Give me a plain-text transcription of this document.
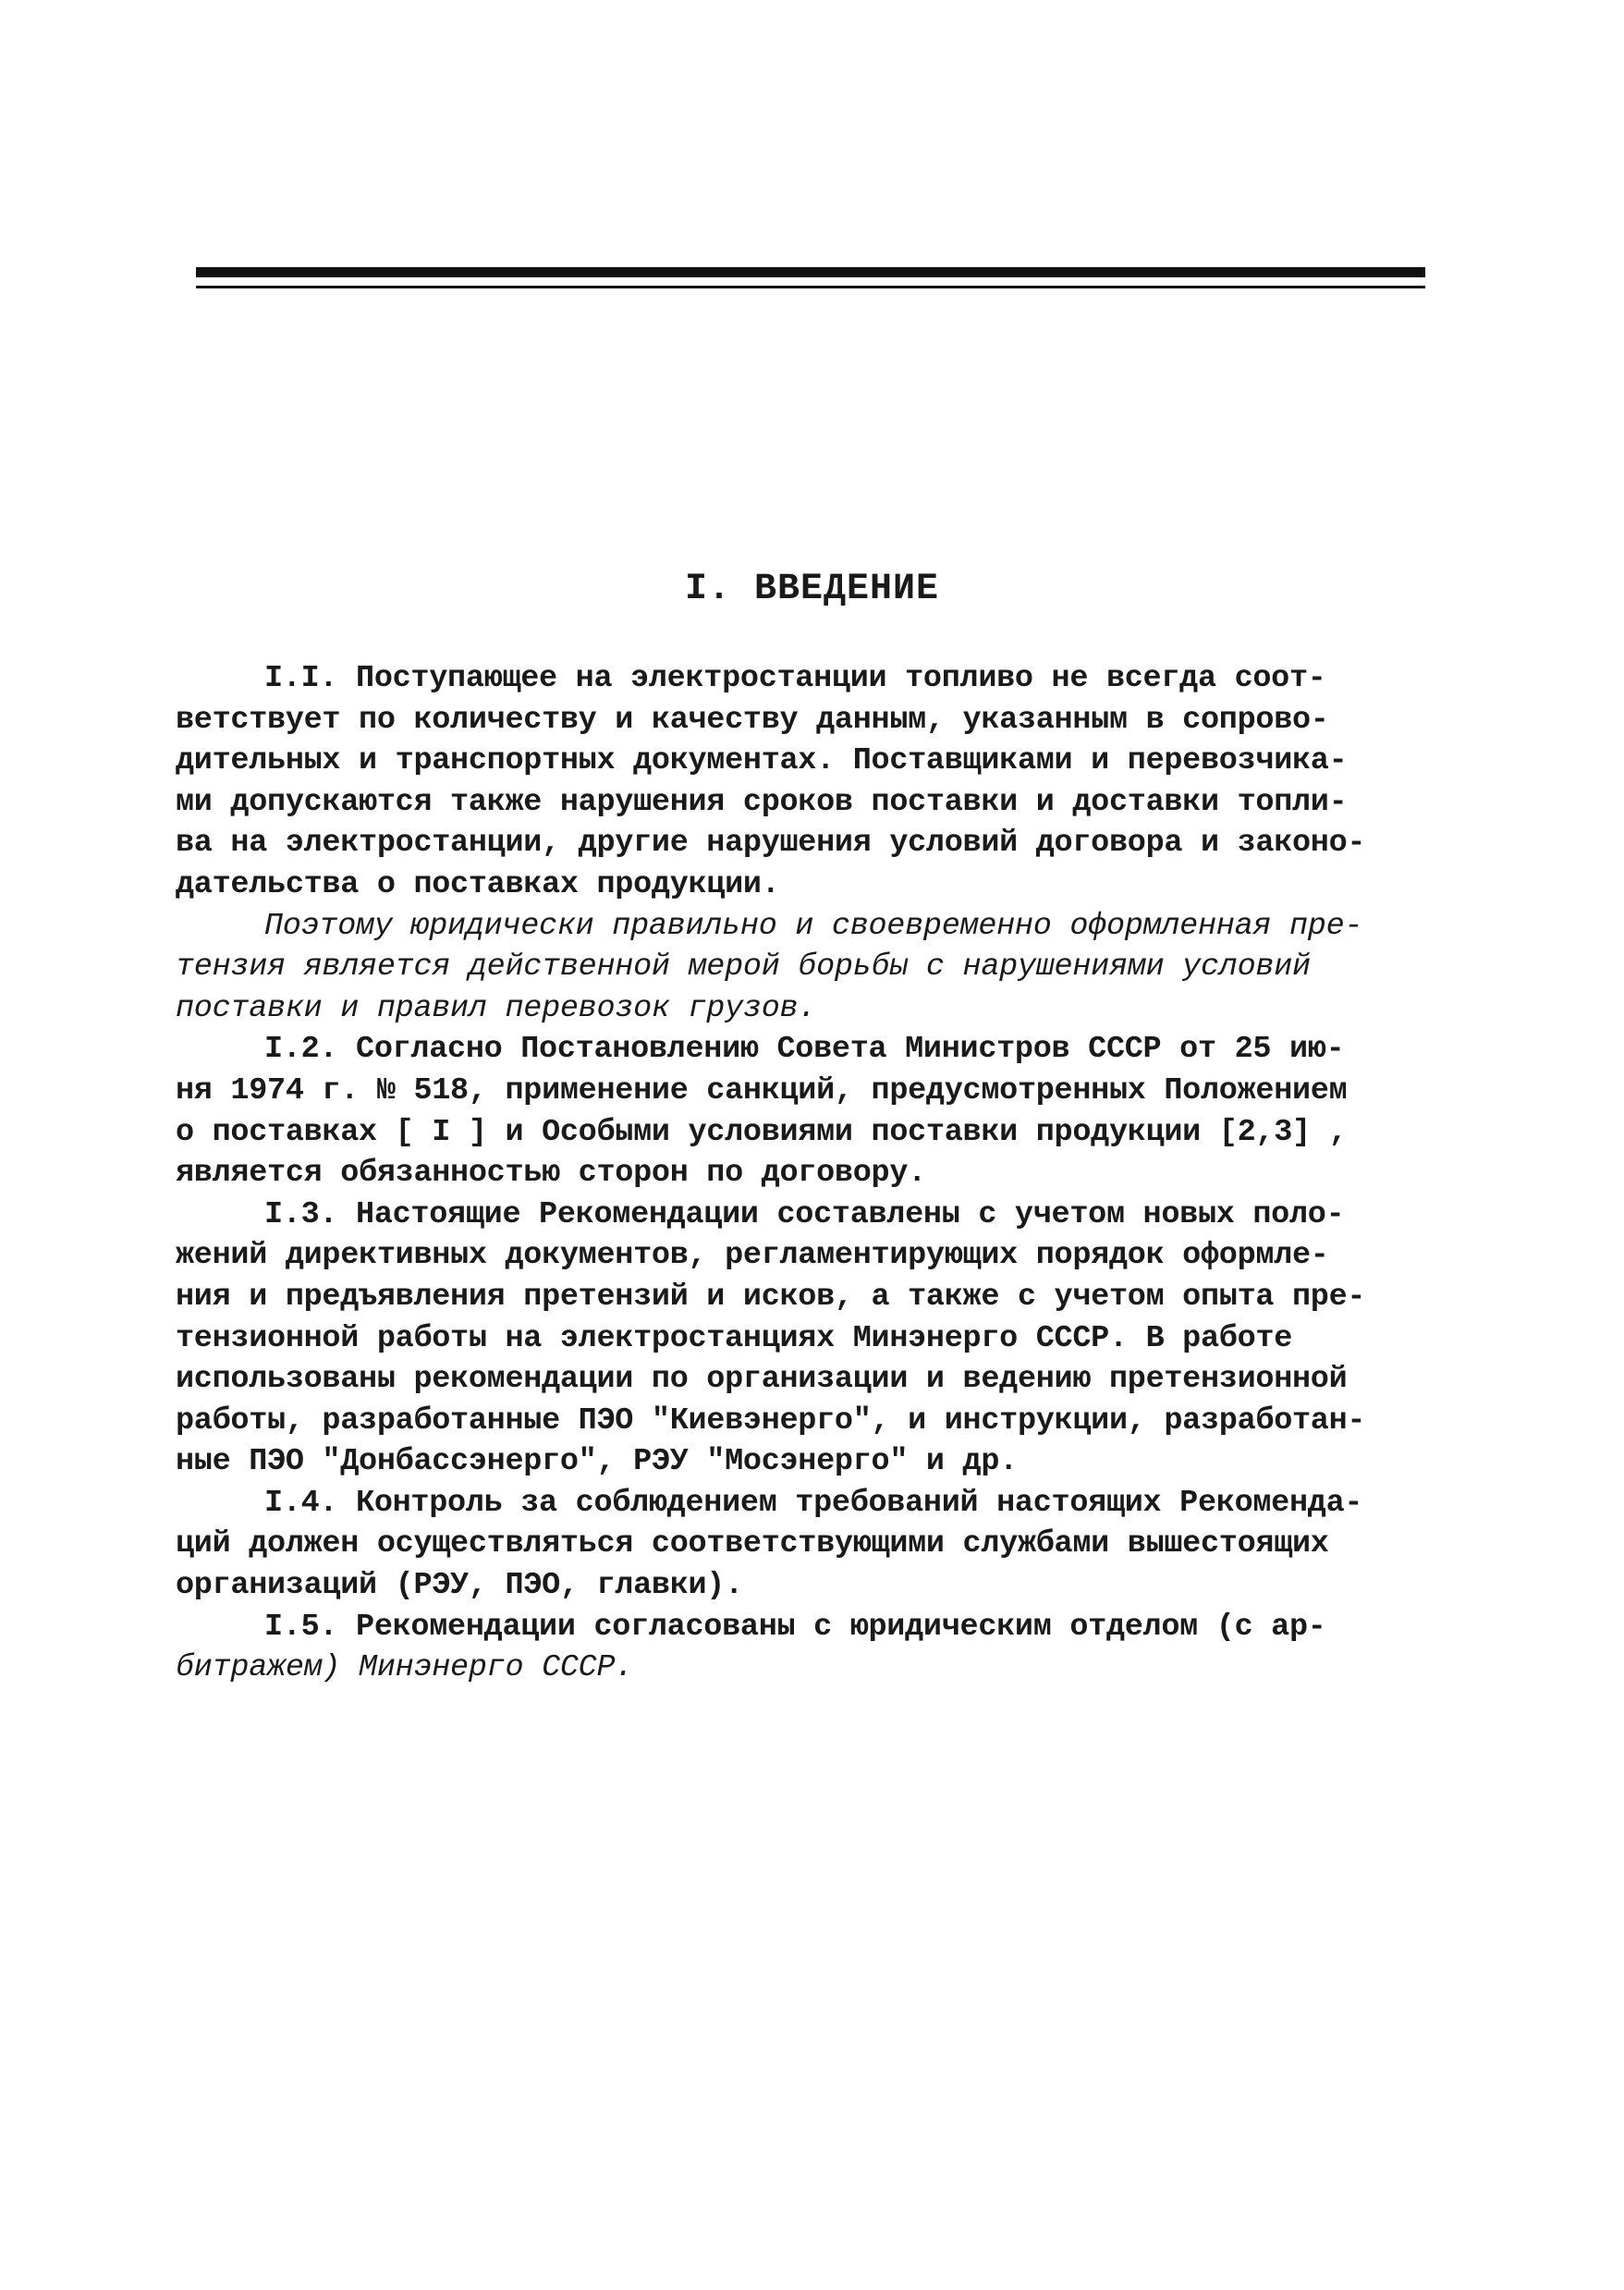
I. ВВЕДЕНИЕ
I.I. Поступающее на электростанции топливо не всегда соот-
ветствует по количеству и качеству данным, указанным в сопрово-
дительных и транспортных документах. Поставщиками и перевозчика-
ми допускаются также нарушения сроков поставки и доставки топли-
ва на электростанции, другие нарушения условий договора и законо-
дательства о поставках продукции.
Поэтому юридически правильно и своевременно оформленная пре-
тензия является действенной мерой борьбы с нарушениями условий
поставки и правил перевозок грузов.
I.2. Согласно Постановлению Совета Министров СССР от 25 ию-
ня 1974 г. № 518, применение санкций, предусмотренных Положением
о поставках [ I ] и Особыми условиями поставки продукции [2,3] ,
является обязанностью сторон по договору.
I.3. Настоящие Рекомендации составлены с учетом новых поло-
жений директивных документов, регламентирующих порядок оформле-
ния и предъявления претензий и исков, а также с учетом опыта пре-
тензионной работы на электростанциях Минэнерго СССР. В работе
использованы рекомендации по организации и ведению претензионной
работы, разработанные ПЭО "Киевэнерго", и инструкции, разработан-
ные ПЭО "Донбассэнерго", РЭУ "Мосэнерго" и др.
I.4. Контроль за соблюдением требований настоящих Рекоменда-
ций должен осуществляться соответствующими службами вышестоящих
организаций (РЭУ, ПЭО, главки).
I.5. Рекомендации согласованы с юридическим отделом (с ар-
битражем) Минэнерго СССР.
